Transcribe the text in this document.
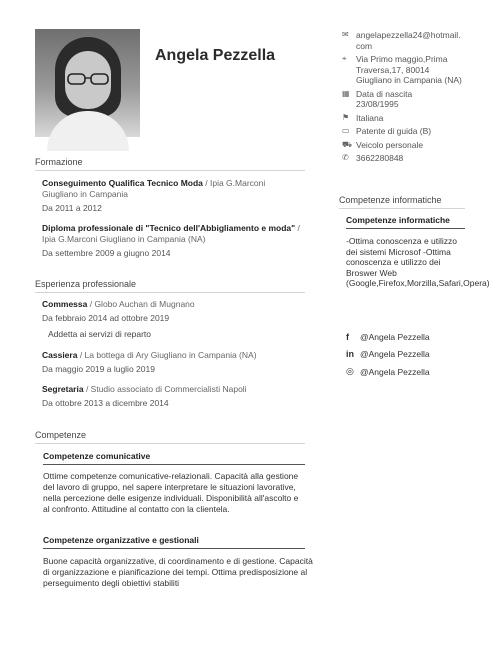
Angela Pezzella
✉ angelapezzella24@hotmail.com
⌖	Via Primo maggio,Prima Traversa,17, 80014 Giugliano in Campania (NA)
▦ Data di nascita
23/08/1995
⚑ Italiana
▭ Patente di guida (B)
⛟ Veicolo personale
✆ 3662280848
Formazione
Conseguimento Qualifica Tecnico Moda / Ipia G.Marconi Giugliano in Campania
Da 2011 a 2012
Diploma professionale di "Tecnico dell'Abbigliamento e moda" / Ipia G.Marconi Giugliano in Campania (NA)
Da settembre 2009 a giugno 2014
Esperienza professionale
Commessa / Globo Auchan di Mugnano
Da febbraio 2014 ad ottobre 2019
Addetta ai servizi di reparto
Cassiera / La bottega di Ary Giugliano in Campania (NA)
Da maggio 2019 a luglio 2019
Segretaria / Studio associato di Commercialisti Napoli
Da ottobre 2013 a dicembre 2014
Competenze
Competenze comunicative
Ottime competenze comunicative-relazionali. Capacità alla gestione del lavoro di gruppo, nel sapere interpretare le situazioni lavorative, nella percezione delle esigenze individuali. Disponibilità all'ascolto e al confronto. Attitudine al contatto con la clientela.
Competenze organizzative e gestionali
Buone capacità organizzative, di coordinamento e di gestione. Capacità di organizzazione e pianificazione dei tempi. Ottima predisposizione al perseguimento degli obiettivi stabiliti
Competenze informatiche
Competenze informatiche
-Ottima conoscenza e utilizzo dei sistemi Microsof -Ottima conoscenza e utilizzo dei Broswer Web (Google,Firefox,Morzilla,Safari,Opera)
f	@Angela Pezzella
in @Angela Pezzella
◎ @Angela Pezzella
